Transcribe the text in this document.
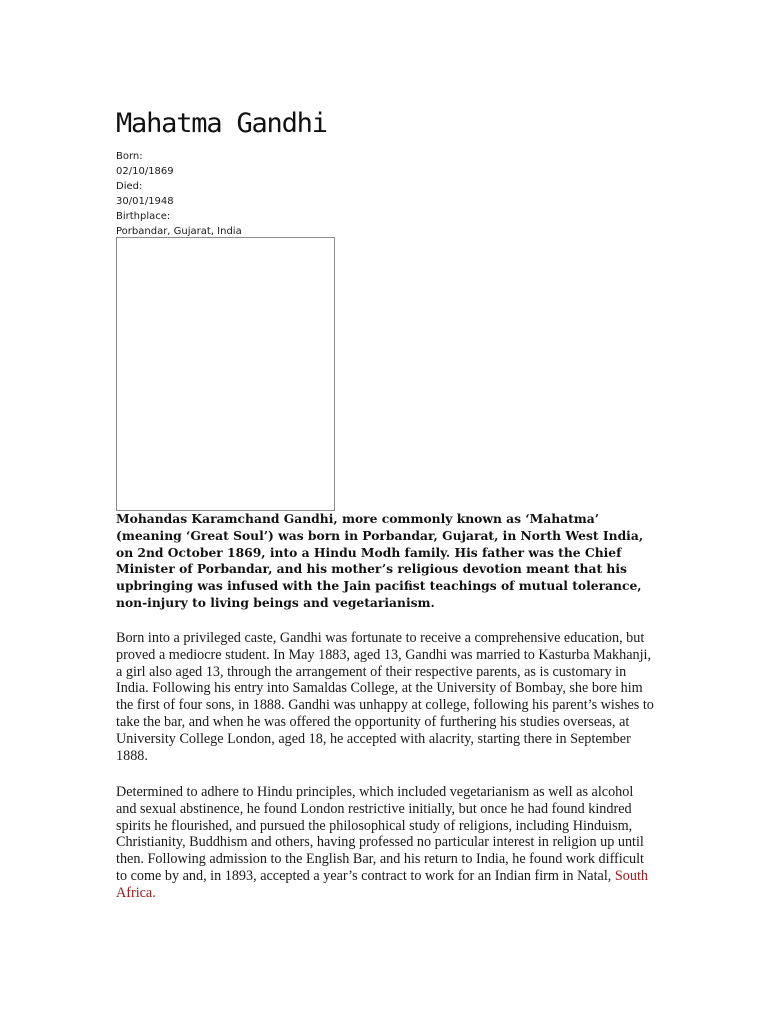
Mahatma Gandhi
Born:
02/10/1869
Died:
30/01/1948
Birthplace:
Porbandar, Gujarat, India

Mohandas Karamchand Gandhi, more commonly known as ‘Mahatma’ (meaning ‘Great Soul’) was born in Porbandar, Gujarat, in North West India, on 2nd October 1869, into a Hindu Modh family. His father was the Chief Minister of Porbandar, and his mother’s religious devotion meant that his upbringing was infused with the Jain pacifist teachings of mutual tolerance, non-injury to living beings and vegetarianism.

Born into a privileged caste, Gandhi was fortunate to receive a comprehensive education, but proved a mediocre student. In May 1883, aged 13, Gandhi was married to Kasturba Makhanji, a girl also aged 13, through the arrangement of their respective parents, as is customary in India. Following his entry into Samaldas College, at the University of Bombay, she bore him the first of four sons, in 1888. Gandhi was unhappy at college, following his parent’s wishes to take the bar, and when he was offered the opportunity of furthering his studies overseas, at University College London, aged 18, he accepted with alacrity, starting there in September 1888.

Determined to adhere to Hindu principles, which included vegetarianism as well as alcohol and sexual abstinence, he found London restrictive initially, but once he had found kindred spirits he flourished, and pursued the philosophical study of religions, including Hinduism, Christianity, Buddhism and others, having professed no particular interest in religion up until then. Following admission to the English Bar, and his return to India, he found work difficult to come by and, in 1893, accepted a year’s contract to work for an Indian firm in Natal, South Africa.
